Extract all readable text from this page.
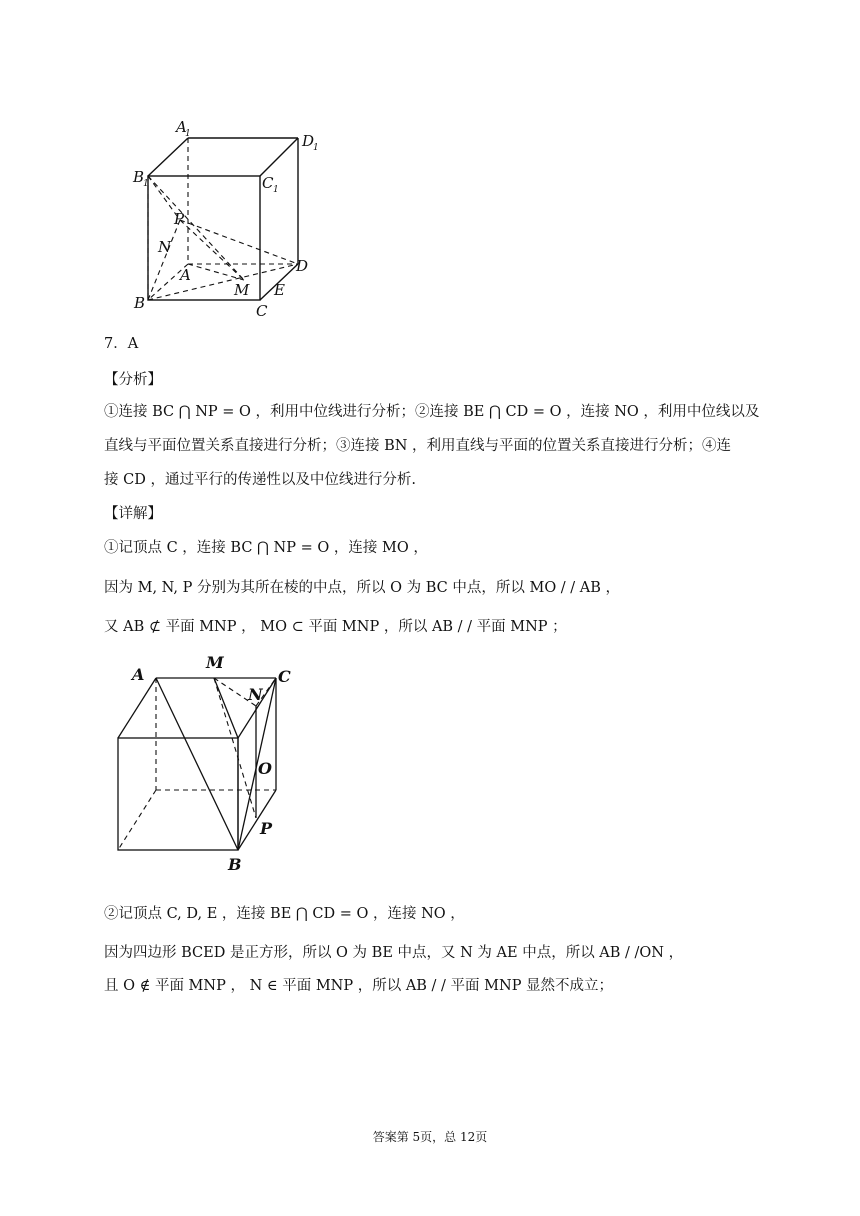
A
1	D
1
B
1	C 1
P
N
A	D
B
M E
C
7．A
【分析】
①连接 BC ⋂ NP = O ，利用中位线进行分析；②连接 BE ⋂ CD = O ，连接 NO ，利用中位线以及
直线与平面位置关系直接进行分析；③连接 BN ，利用直线与平面的位置关系直接进行分析；④连
接 CD ，通过平行的传递性以及中位线进行分析.
【详解】
①记顶点 C ，连接 BC ⋂ NP = O ，连接 MO ，
因为 M, N, P 分别为其所在棱的中点，所以 O 为 BC 中点，所以 MO / / AB ，
又 AB ⊄ 平面 MNP ， MO ⊂ 平面 MNP ，所以 AB / / 平面 MNP ；
A
M
C
N
O
P
B
②记顶点 C, D, E ，连接 BE ⋂ CD = O ，连接 NO ，
因为四边形 BCED 是正方形，所以 O 为 BE 中点，又 N 为 AE 中点，所以 AB / /ON ，
且 O ∉ 平面 MNP ， N ∈ 平面 MNP ，所以 AB / / 平面 MNP 显然不成立；
答案第 5页，总 12页
